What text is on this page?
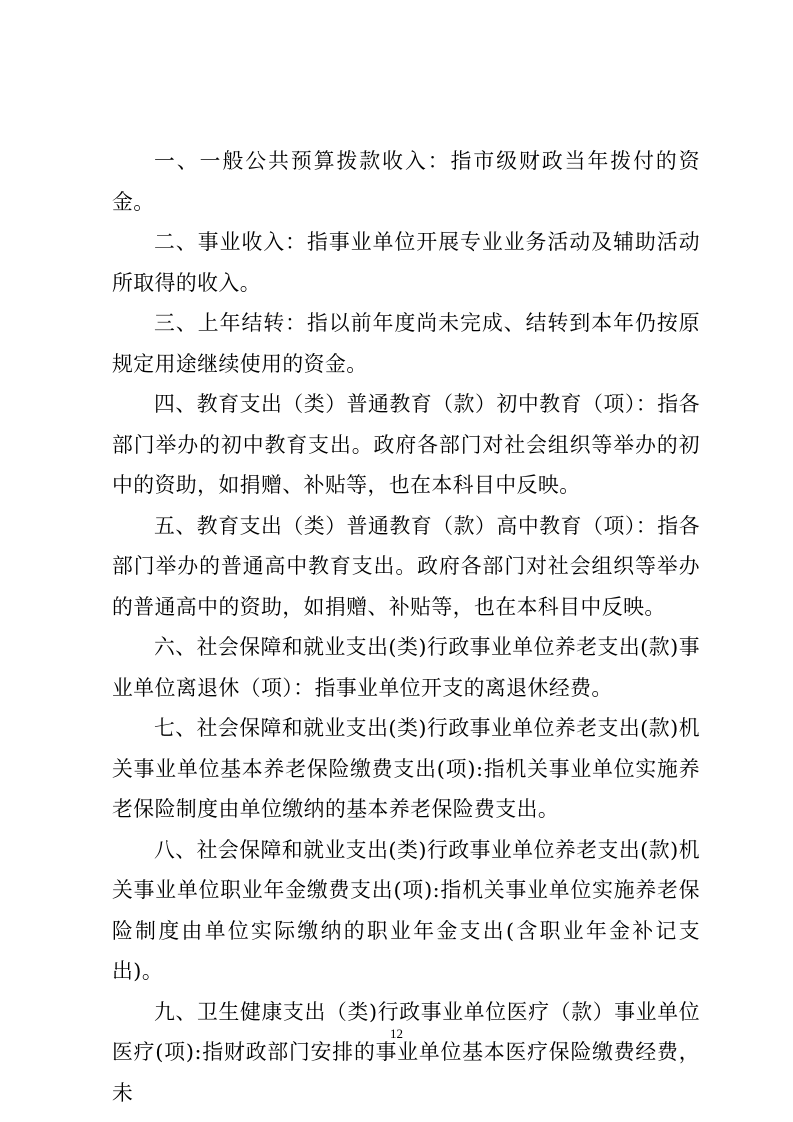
一、一般公共预算拨款收入：指市级财政当年拨付的资金。

二、事业收入：指事业单位开展专业业务活动及辅助活动所取得的收入。

三、上年结转：指以前年度尚未完成、结转到本年仍按原规定用途继续使用的资金。

四、教育支出（类）普通教育（款）初中教育（项）：指各部门举办的初中教育支出。政府各部门对社会组织等举办的初中的资助，如捐赠、补贴等，也在本科目中反映。

五、教育支出（类）普通教育（款）高中教育（项）：指各部门举办的普通高中教育支出。政府各部门对社会组织等举办的普通高中的资助，如捐赠、补贴等，也在本科目中反映。

六、社会保障和就业支出(类)行政事业单位养老支出(款)事业单位离退休（项）：指事业单位开支的离退休经费。

七、社会保障和就业支出(类)行政事业单位养老支出(款)机关事业单位基本养老保险缴费支出(项):指机关事业单位实施养老保险制度由单位缴纳的基本养老保险费支出。

八、社会保障和就业支出(类)行政事业单位养老支出(款)机关事业单位职业年金缴费支出(项):指机关事业单位实施养老保险制度由单位实际缴纳的职业年金支出(含职业年金补记支出)。

九、卫生健康支出（类)行政事业单位医疗（款）事业单位医疗(项):指财政部门安排的事业单位基本医疗保险缴费经费，未

12
